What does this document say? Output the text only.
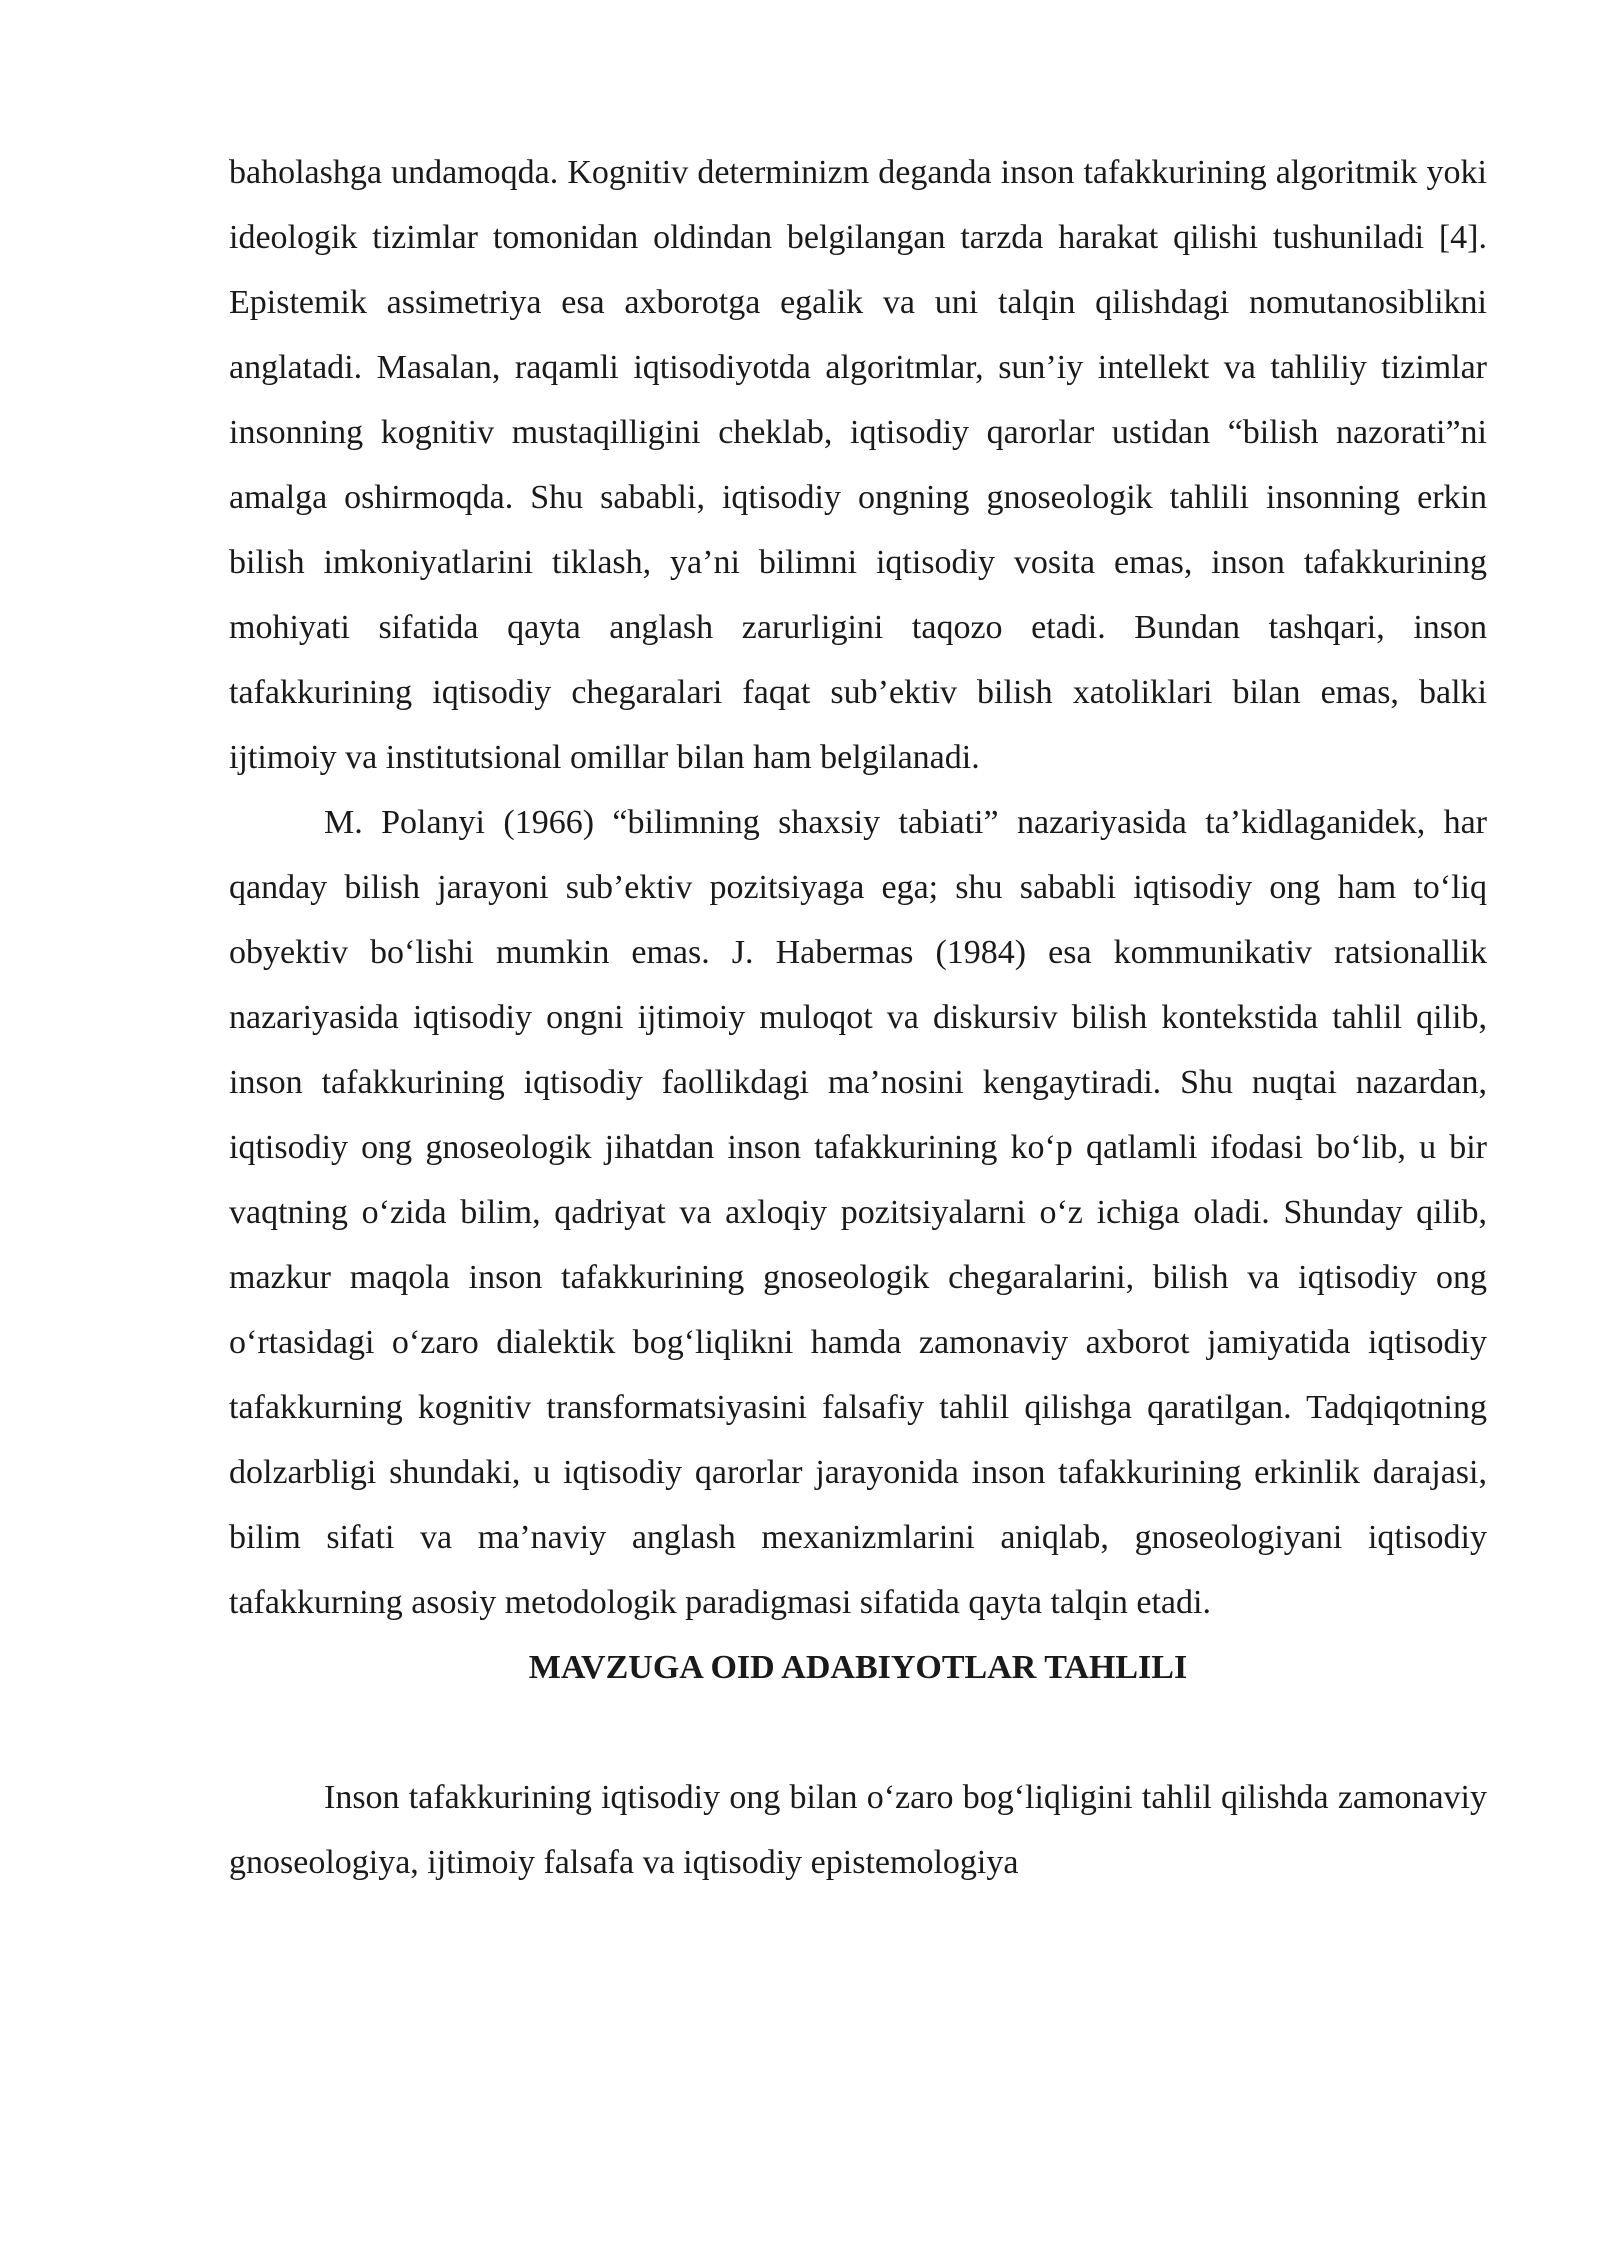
baholashga undamoqda. Kognitiv determinizm deganda inson tafakkurining algoritmik yoki ideologik tizimlar tomonidan oldindan belgilangan tarzda harakat qilishi tushuniladi [4]. Epistemik assimetriya esa axborotga egalik va uni talqin qilishdagi nomutanosiblikni anglatadi. Masalan, raqamli iqtisodiyotda algoritmlar, sun’iy intellekt va tahliliy tizimlar insonning kognitiv mustaqilligini cheklab, iqtisodiy qarorlar ustidan “bilish nazorati”ni amalga oshirmoqda. Shu sababli, iqtisodiy ongning gnoseologik tahlili insonning erkin bilish imkoniyatlarini tiklash, ya’ni bilimni iqtisodiy vosita emas, inson tafakkurining mohiyati sifatida qayta anglash zarurligini taqozo etadi. Bundan tashqari, inson tafakkurining iqtisodiy chegaralari faqat sub’ektiv bilish xatoliklari bilan emas, balki ijtimoiy va institutsional omillar bilan ham belgilanadi.

M. Polanyi (1966) “bilimning shaxsiy tabiati” nazariyasida ta’kidlaganidek, har qanday bilish jarayoni sub’ektiv pozitsiyaga ega; shu sababli iqtisodiy ong ham to‘liq obyektiv bo‘lishi mumkin emas. J. Habermas (1984) esa kommunikativ ratsionallik nazariyasida iqtisodiy ongni ijtimoiy muloqot va diskursiv bilish kontekstida tahlil qilib, inson tafakkurining iqtisodiy faollikdagi ma’nosini kengaytiradi. Shu nuqtai nazardan, iqtisodiy ong gnoseologik jihatdan inson tafakkurining ko‘p qatlamli ifodasi bo‘lib, u bir vaqtning o‘zida bilim, qadriyat va axloqiy pozitsiyalarni o‘z ichiga oladi. Shunday qilib, mazkur maqola inson tafakkurining gnoseologik chegaralarini, bilish va iqtisodiy ong o‘rtasidagi o‘zaro dialektik bog‘liqlikni hamda zamonaviy axborot jamiyatida iqtisodiy tafakkurning kognitiv transformatsiyasini falsafiy tahlil qilishga qaratilgan. Tadqiqotning dolzarbligi shundaki, u iqtisodiy qarorlar jarayonida inson tafakkurining erkinlik darajasi, bilim sifati va ma’naviy anglash mexanizmlarini aniqlab, gnoseologiyani iqtisodiy tafakkurning asosiy metodologik paradigmasi sifatida qayta talqin etadi.

MAVZUGA OID ADABIYOTLAR TAHLILI

Inson tafakkurining iqtisodiy ong bilan o‘zaro bog‘liqligini tahlil qilishda zamonaviy gnoseologiya, ijtimoiy falsafa va iqtisodiy epistemologiya
